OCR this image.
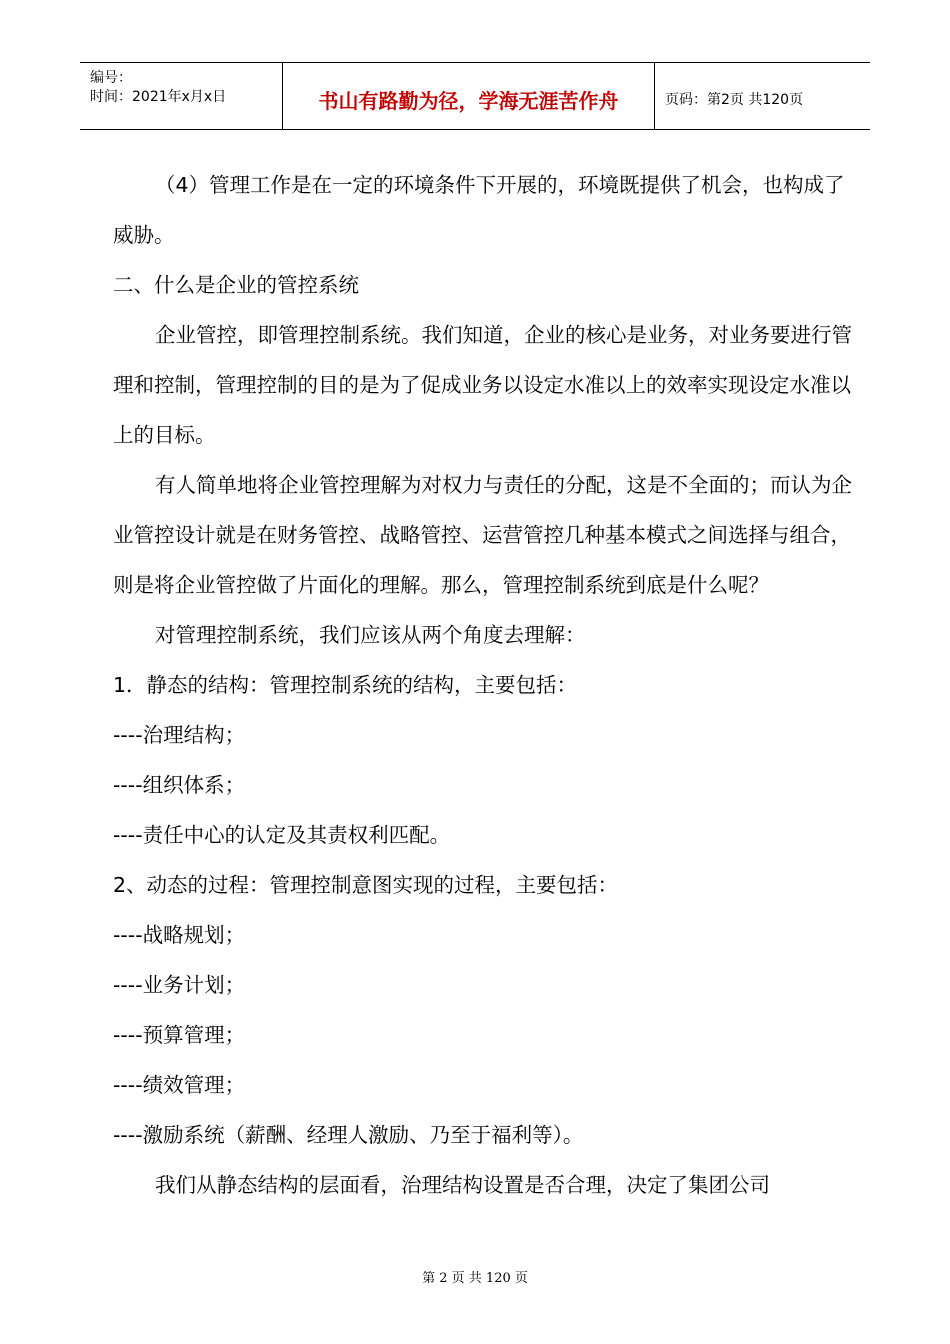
编号：
时间：2021年x月x日	书山有路勤为径，学海无涯苦作舟	页码：第2页 共120页

（4）管理工作是在一定的环境条件下开展的，环境既提供了机会，也构成了威胁。

二、什么是企业的管控系统

企业管控，即管理控制系统。我们知道，企业的核心是业务，对业务要进行管理和控制，管理控制的目的是为了促成业务以设定水准以上的效率实现设定水准以上的目标。

有人简单地将企业管控理解为对权力与责任的分配，这是不全面的；而认为企业管控设计就是在财务管控、战略管控、运营管控几种基本模式之间选择与组合，则是将企业管控做了片面化的理解。那么，管理控制系统到底是什么呢？

对管理控制系统，我们应该从两个角度去理解：

1．静态的结构：管理控制系统的结构，主要包括：

----治理结构；

----组织体系；

----责任中心的认定及其责权利匹配。

2、动态的过程：管理控制意图实现的过程，主要包括：

----战略规划；

----业务计划；

----预算管理；

----绩效管理；

----激励系统（薪酬、经理人激励、乃至于福利等）。

我们从静态结构的层面看，治理结构设置是否合理，决定了集团公司

第 2 页 共 120 页
